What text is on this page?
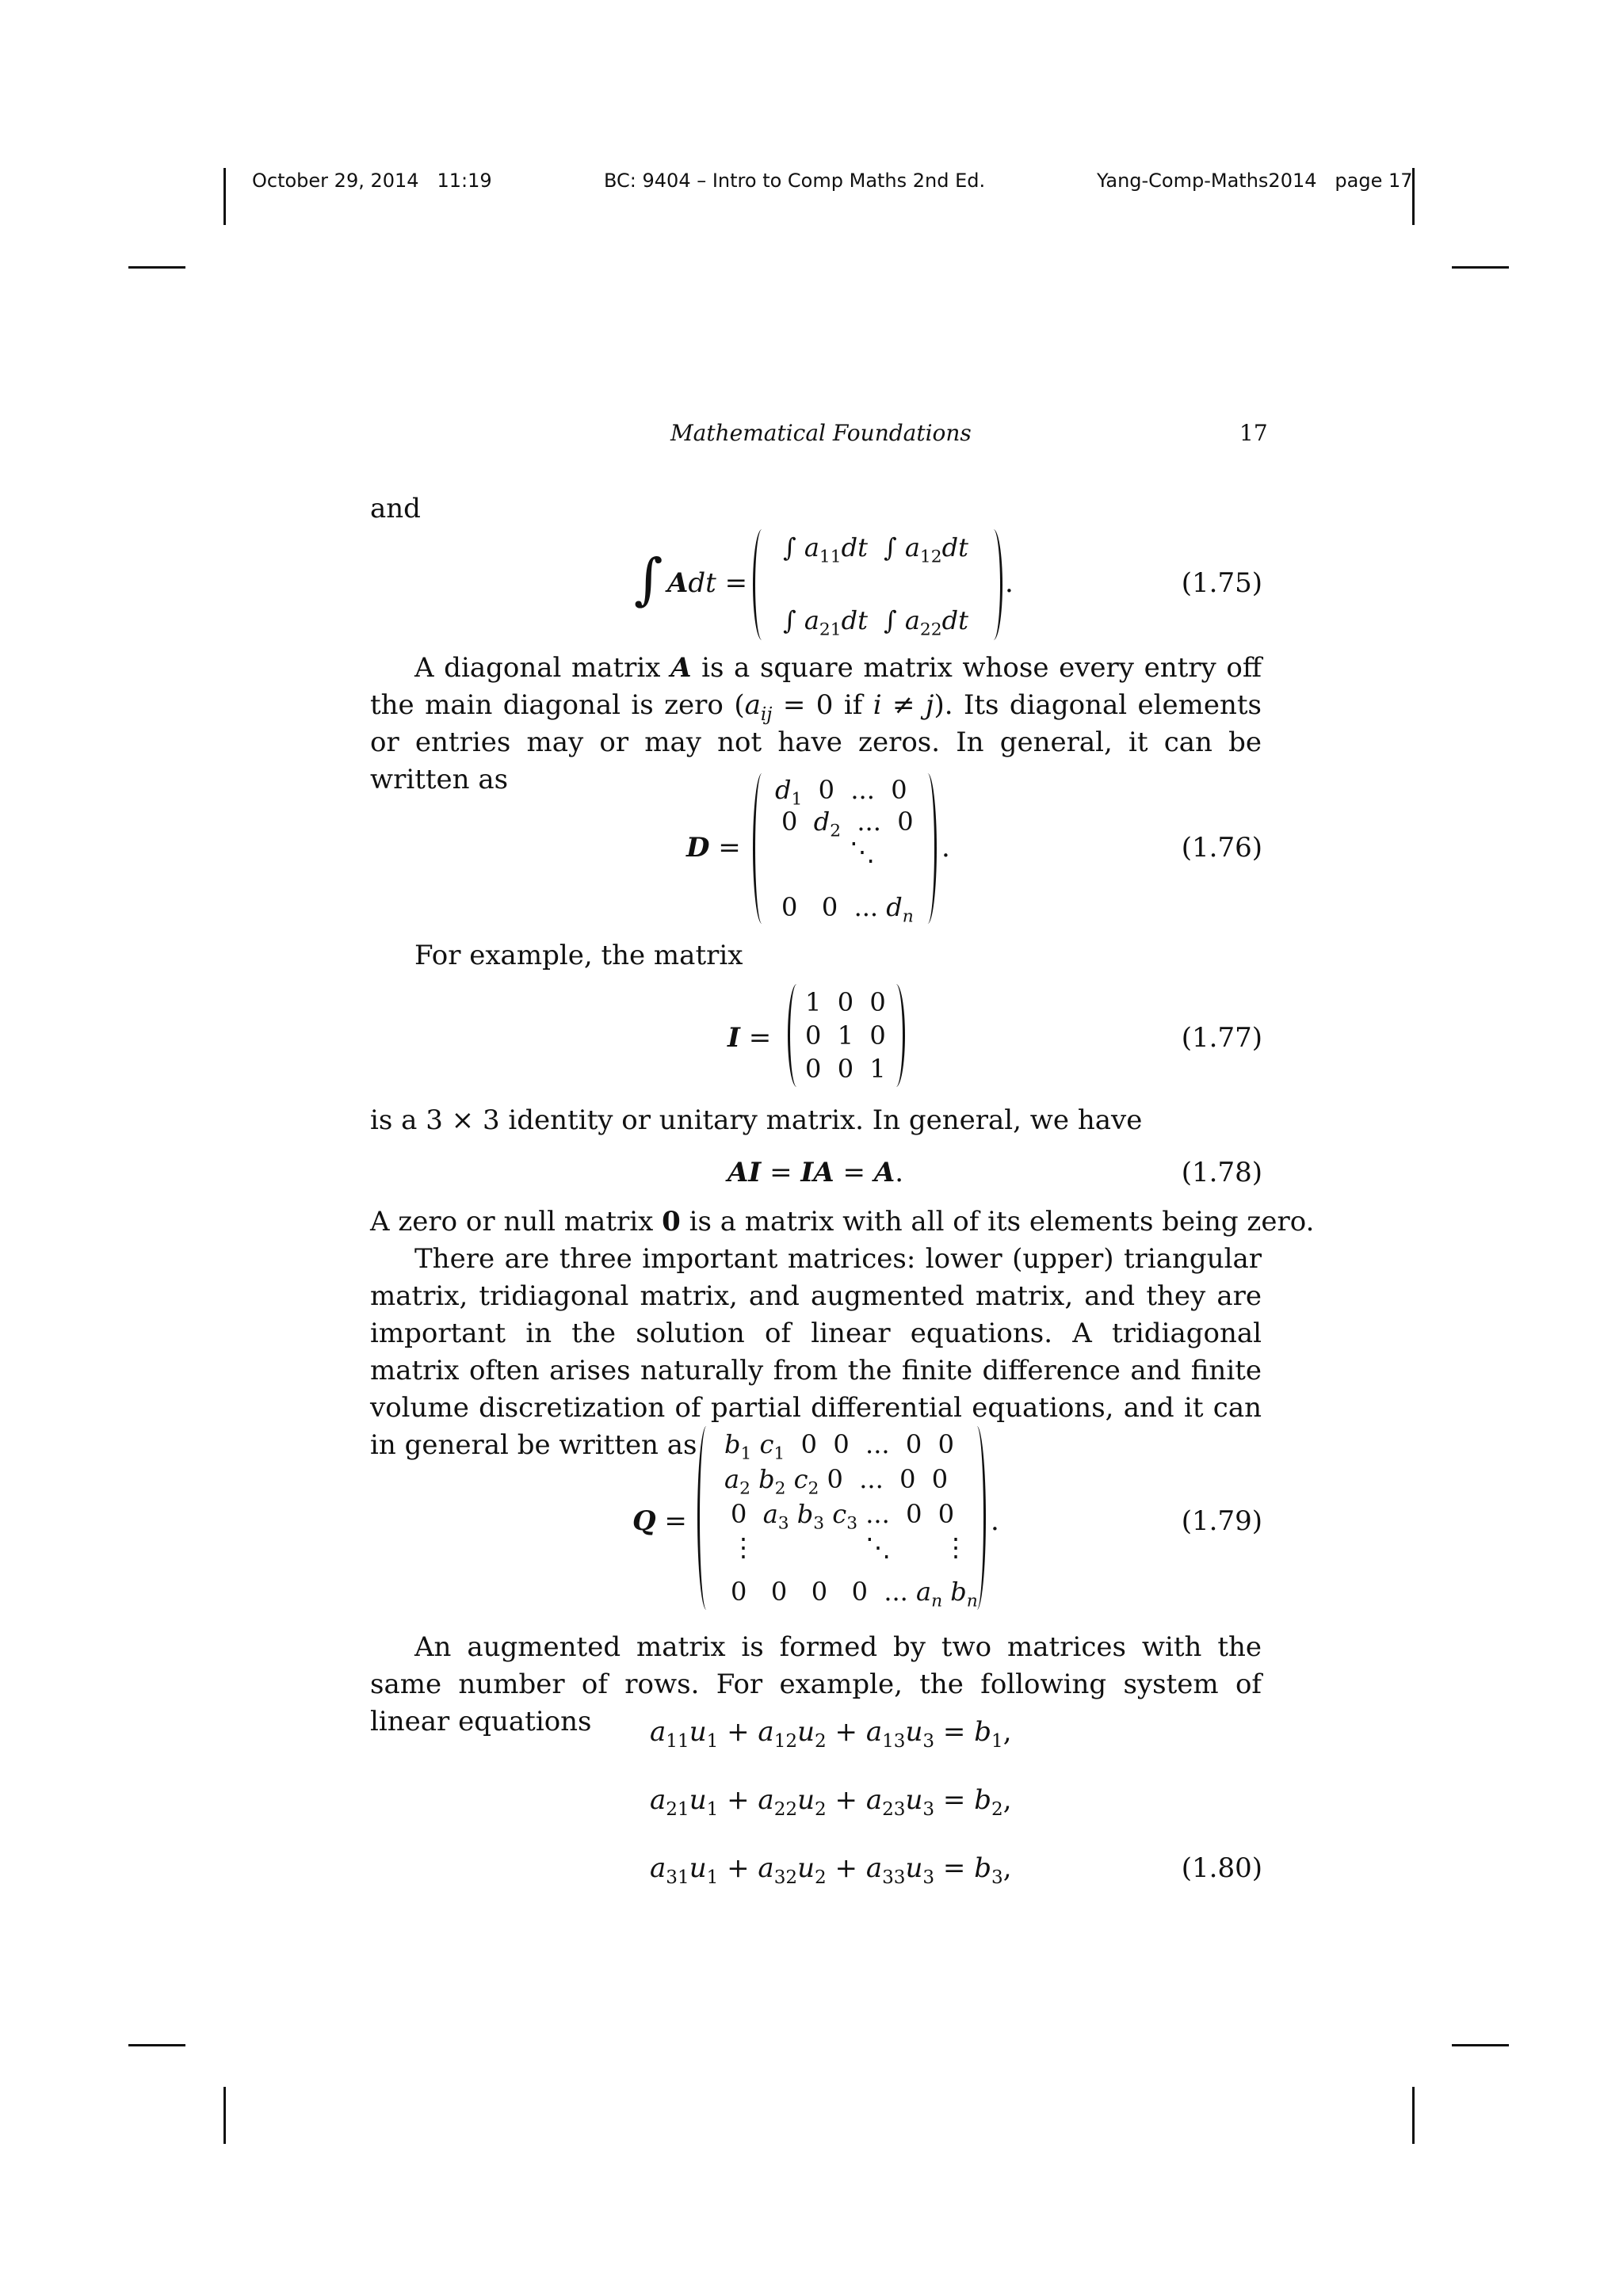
October 29, 2014 11:19	BC: 9404 – Intro to Comp Maths 2nd Ed.	Yang-Comp-Maths2014 page 17
Mathematical Foundations	17
and
∫ Adt =
∫ $a_{11}dt$ ∫ $a_{12}dt$
∫ $a_{21}dt$ ∫ $a_{22}dt$
.	(1.75)

A diagonal matrix A is a square matrix whose every entry off the main diagonal is zero ($a_{ij} = 0$ if i ≠ j). Its diagonal elements or entries may or may not have zeros. In general, it can be written as

D =
$d_1$  0  ...  0
0  $d_2$  ...  0
⋱
0   0  ... $d_n$
.	(1.76)
For example, the matrix
I =
1  0  0
0  1  0
0  0  1
(1.77)
is a 3 × 3 identity or unitary matrix. In general, we have
AI = IA = A.	(1.78)
A zero or null matrix 0 is a matrix with all of its elements being zero.

There are three important matrices: lower (upper) triangular matrix, tridiagonal matrix, and augmented matrix, and they are important in the solution of linear equations. A tridiagonal matrix often arises naturally from the finite difference and finite volume discretization of partial differential equations, and it can in general be written as

Q =
$b_1$ $c_1$  0  0  ...  0  0
$a_2$ $b_2$ $c_2$ 0  ...  0  0
0  $a_3$ $b_3$ $c_3$ ...  0  0
⋮	⋱ ⋮
0   0   0   0  ... $a_n$ $b_n$
.	(1.79)

An augmented matrix is formed by two matrices with the same number of rows. For example, the following system of linear equations	$a_{11}u_1 + a_{12}u_2 + a_{13}u_3 = b_1$,
$a_{21}u_1 + a_{22}u_2 + a_{23}u_3 = b_2$,
$a_{31}u_1 + a_{32}u_2 + a_{33}u_3 = b_3$,	(1.80)
